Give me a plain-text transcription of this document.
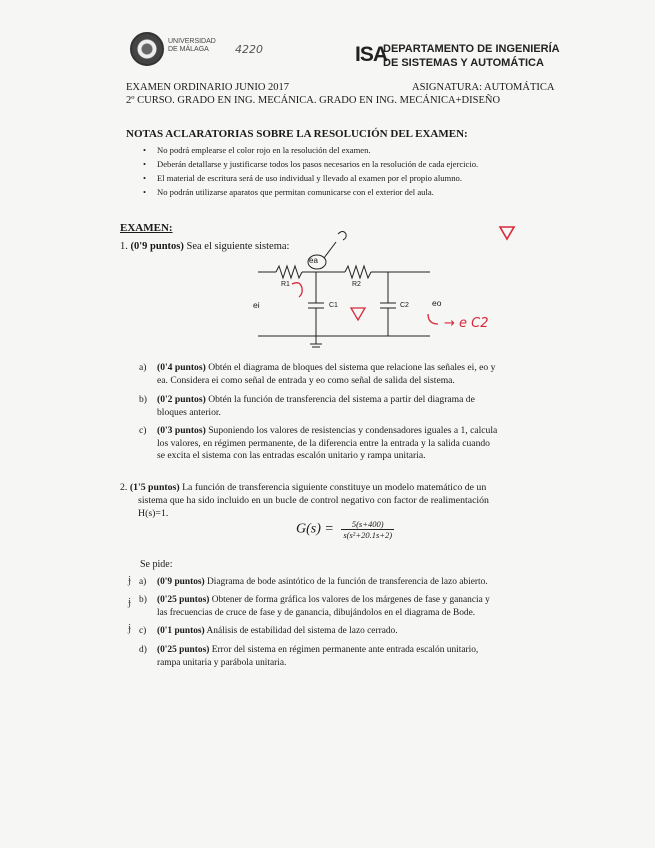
UNIVERSIDAD
DE MÁLAGA	4220	ISA
DEPARTAMENTO DE INGENIERÍA
DE SISTEMAS Y AUTOMÁTICA
EXAMEN ORDINARIO JUNIO 2017	ASIGNATURA: AUTOMÁTICA
2º CURSO. GRADO EN ING. MECÁNICA. GRADO EN ING. MECÁNICA+DISEÑO
NOTAS ACLARATORIAS SOBRE LA RESOLUCIÓN DEL EXAMEN:
• No podrá emplearse el color rojo en la resolución del examen.
• Deberán detallarse y justificarse todos los pasos necesarios en la resolución de cada ejercicio.
• El material de escritura será de uso individual y llevado al examen por el propio alumno.
• No podrán utilizarse aparatos que permitan comunicarse con el exterior del aula.
EXAMEN:
1. (0'9 puntos) Sea el siguiente sistema:
ea
R1	R2
ei	C1	C2	eo
→ e C2
a) (0'4 puntos) Obtén el diagrama de bloques del sistema que relacione las señales ei, eo y
ea. Considera ei como señal de entrada y eo como señal de salida del sistema.
b) (0'2 puntos) Obtén la función de transferencia del sistema a partir del diagrama de
bloques anterior.
c) (0'3 puntos) Suponiendo los valores de resistencias y condensadores iguales a 1, calcula
los valores, en régimen permanente, de la diferencia entre la entrada y la salida cuando
se excita el sistema con las entradas escalón unitario y rampa unitaria.
2. (1'5 puntos) La función de transferencia siguiente constituye un modelo matemático de un
sistema que ha sido incluido en un bucle de control negativo con factor de realimentación
H(s)=1.
$G(s) = \frac{5(s+400)}{\text{s(s²+20.1s+2)}}$
Se pide:
ɉ
ɉ
ɉ
a) (0'9 puntos) Diagrama de bode asintótico de la función de transferencia de lazo abierto.
b) (0'25 puntos) Obtener de forma gráfica los valores de los márgenes de fase y ganancia y
las frecuencias de cruce de fase y de ganancia, dibujándolos en el diagrama de Bode.
c) (0'1 puntos) Análisis de estabilidad del sistema de lazo cerrado.
d) (0'25 puntos) Error del sistema en régimen permanente ante entrada escalón unitario,
rampa unitaria y parábola unitaria.
